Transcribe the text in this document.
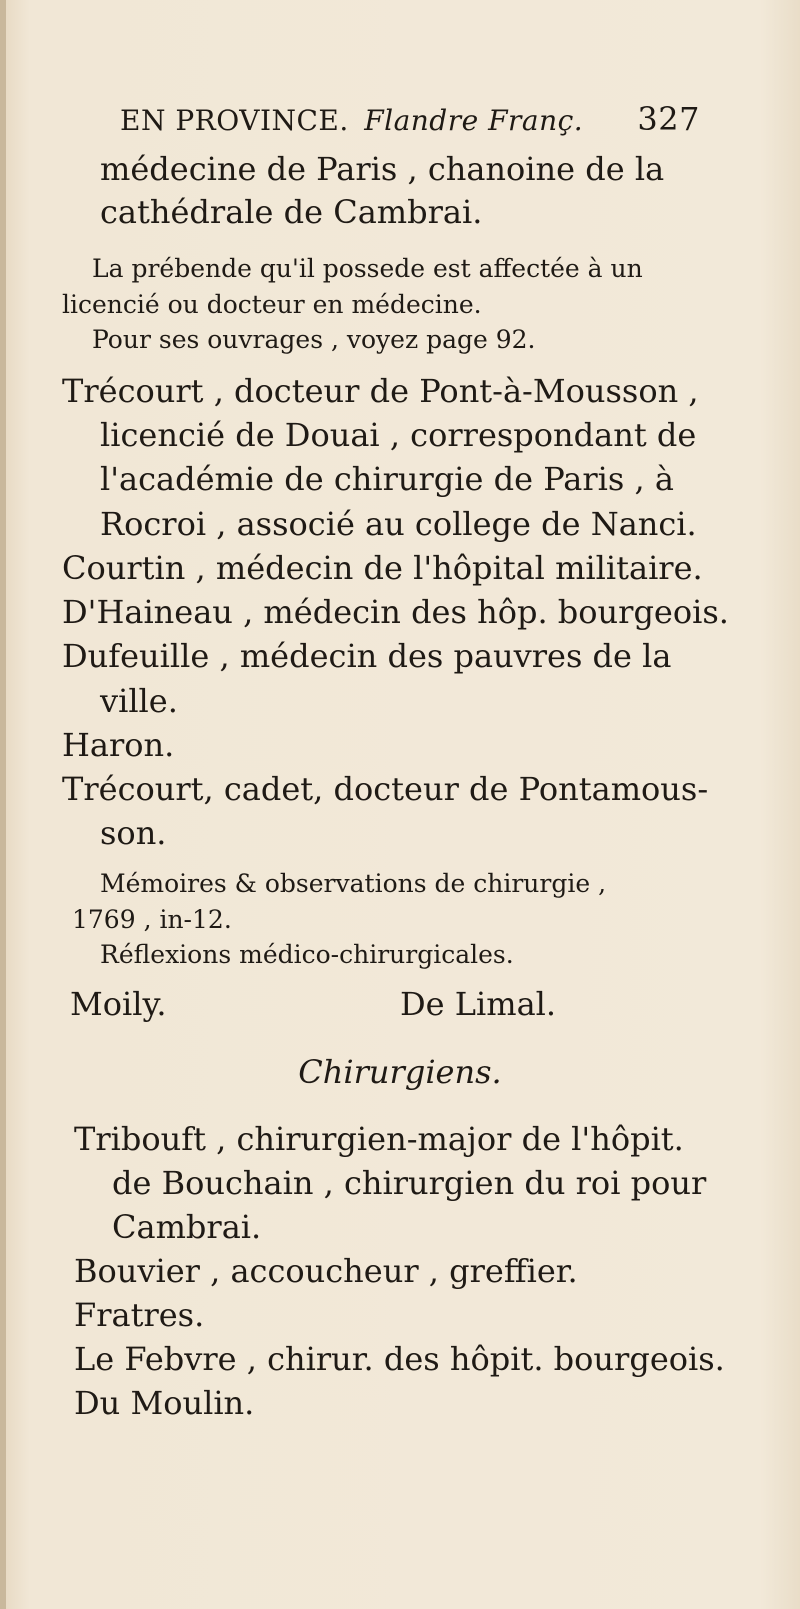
EN PROVINCE. Flandre Franç. 327
médecine de Paris , chanoine de la
cathédrale de Cambrai.
La prébende qu'il possede est affectée à un
licencié ou docteur en médecine.
Pour ses ouvrages , voyez page 92.
Trécourt , docteur de Pont-à-Mousson ,
licencié de Douai , correspondant de
l'académie de chirurgie de Paris , à
Rocroi , associé au college de Nanci.
Courtin , médecin de l'hôpital militaire.
D'Haineau , médecin des hôp. bourgeois.
Dufeuille , médecin des pauvres de la
ville.
Haron.
Trécourt, cadet, docteur de Pontamous-
son.
Mémoires & observations de chirurgie ,
1769 , in-12.
Réflexions médico-chirurgicales.
Moily.	De Limal.
Chirurgiens.
Tribouft , chirurgien-major de l'hôpit.
de Bouchain , chirurgien du roi pour
Cambrai.
Bouvier , accoucheur , greffier.
Fratres.
Le Febvre , chirur. des hôpit. bourgeois.
Du Moulin.
